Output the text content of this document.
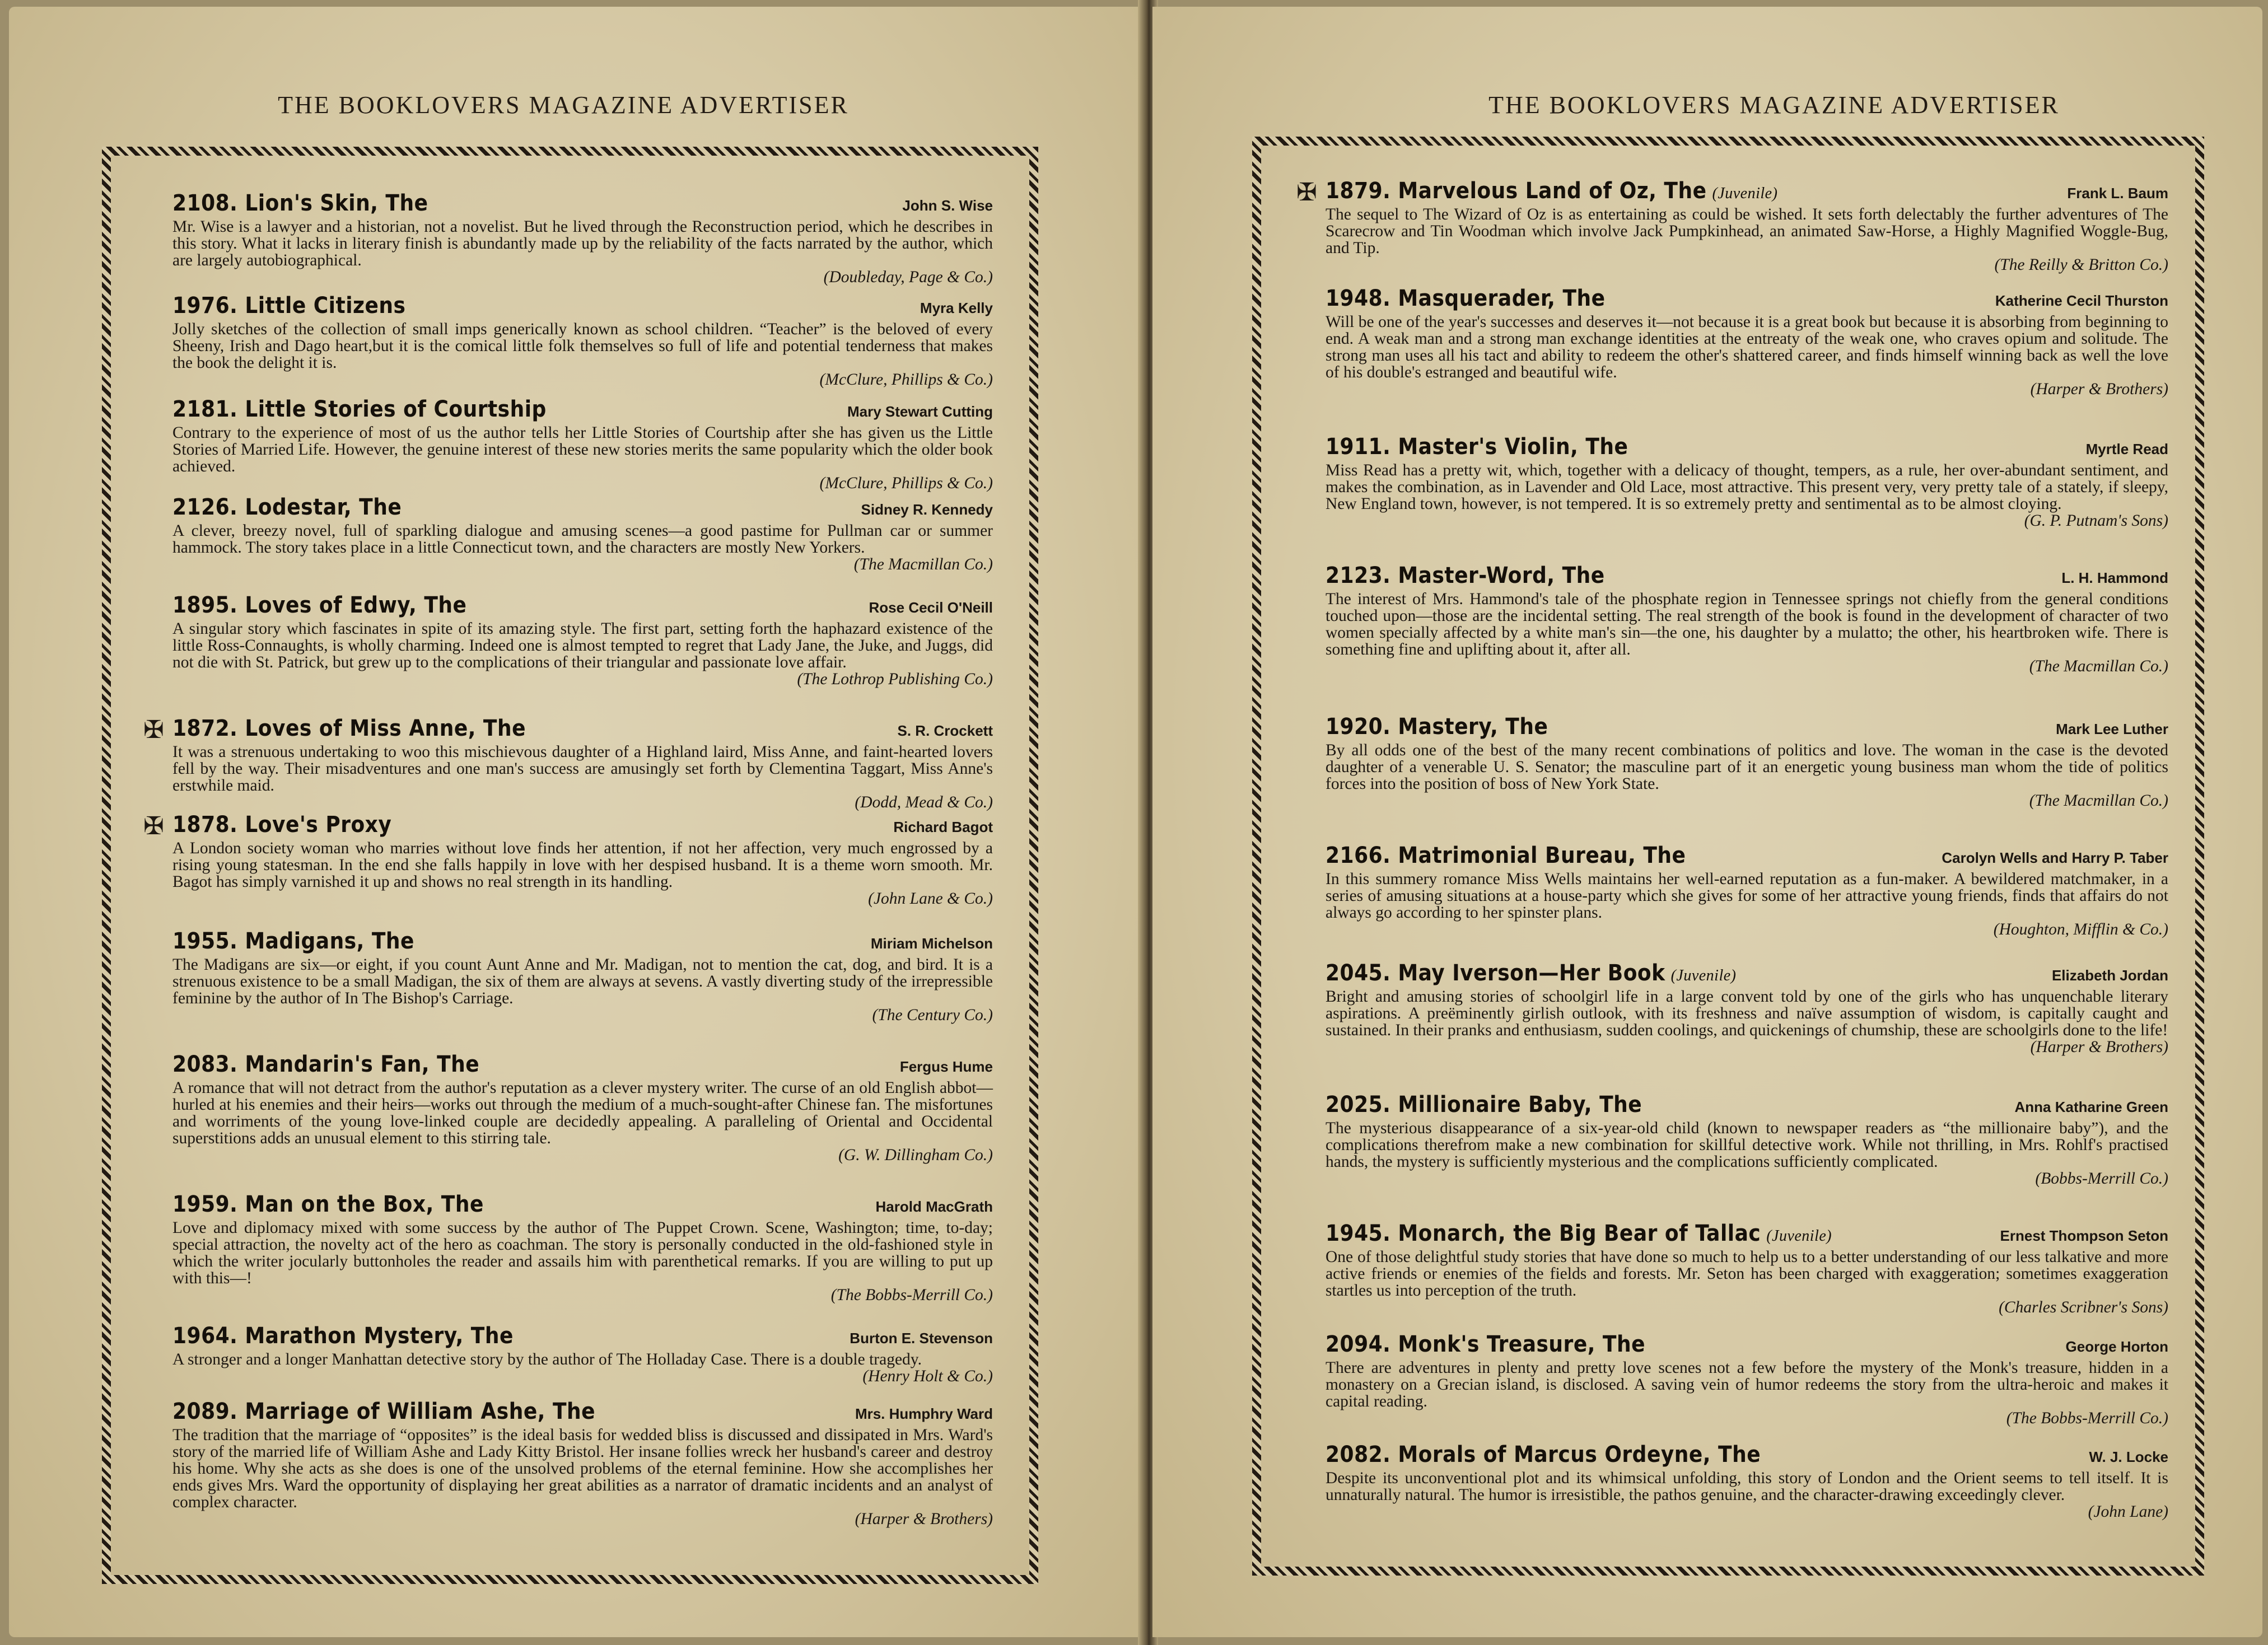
THE BOOKLOVERS MAGAZINE ADVERTISER
2108. Lion's Skin, The	John S. Wise
Mr. Wise is a lawyer and a historian, not a novelist. But he lived through the Reconstruction period, which he describes in this story. What it lacks in literary finish is abundantly made up by the reliability of the facts narrated by the author, which are largely autobiographical.
(Doubleday, Page & Co.)
1976. Little Citizens	Myra Kelly
Jolly sketches of the collection of small imps generically known as school children. “Teacher” is the beloved of every Sheeny, Irish and Dago heart,but it is the comical little folk themselves so full of life and potential tenderness that makes the book the delight it is.
(McClure, Phillips & Co.)
2181. Little Stories of Courtship	Mary Stewart Cutting
Contrary to the experience of most of us the author tells her Little Stories of Courtship after she has given us the Little Stories of Married Life. However, the genuine interest of these new stories merits the same popularity which the older book achieved.
(McClure, Phillips & Co.)
2126. Lodestar, The	Sidney R. Kennedy
A clever, breezy novel, full of sparkling dialogue and amusing scenes—a good pastime for Pullman car or summer hammock. The story takes place in a little Connecticut town, and the characters are mostly New Yorkers.
(The Macmillan Co.)
1895. Loves of Edwy, The	Rose Cecil O'Neill
A singular story which fascinates in spite of its amazing style. The first part, setting forth the haphazard existence of the little Ross-Connaughts, is wholly charming. Indeed one is almost tempted to regret that Lady Jane, the Juke, and Juggs, did not die with St. Patrick, but grew up to the complications of their triangular and passionate love affair.
(The Lothrop Publishing Co.)
✠ 1872. Loves of Miss Anne, The	S. R. Crockett
It was a strenuous undertaking to woo this mischievous daughter of a Highland laird, Miss Anne, and faint-hearted lovers fell by the way. Their misadventures and one man's success are amusingly set forth by Clementina Taggart, Miss Anne's erstwhile maid.
(Dodd, Mead & Co.)
✠ 1878. Love's Proxy	Richard Bagot
A London society woman who marries without love finds her attention, if not her affection, very much engrossed by a rising young statesman. In the end she falls happily in love with her despised husband. It is a theme worn smooth. Mr. Bagot has simply varnished it up and shows no real strength in its handling.
(John Lane & Co.)
1955. Madigans, The	Miriam Michelson
The Madigans are six—or eight, if you count Aunt Anne and Mr. Madigan, not to mention the cat, dog, and bird. It is a strenuous existence to be a small Madigan, the six of them are always at sevens. A vastly diverting study of the irrepressible feminine by the author of In The Bishop's Carriage.
(The Century Co.)
2083. Mandarin's Fan, The	Fergus Hume
A romance that will not detract from the author's reputation as a clever mystery writer. The curse of an old English abbot—hurled at his enemies and their heirs—works out through the medium of a much-sought-after Chinese fan. The misfortunes and worriments of the young love-linked couple are decidedly appealing. A paralleling of Oriental and Occidental superstitions adds an unusual element to this stirring tale.
(G. W. Dillingham Co.)
1959. Man on the Box, The	Harold MacGrath
Love and diplomacy mixed with some success by the author of The Puppet Crown. Scene, Washington; time, to-day; special attraction, the novelty act of the hero as coachman. The story is personally conducted in the old-fashioned style in which the writer jocularly buttonholes the reader and assails him with parenthetical remarks. If you are willing to put up with this—!
(The Bobbs-Merrill Co.)
1964. Marathon Mystery, The	Burton E. Stevenson
A stronger and a longer Manhattan detective story by the author of The Holladay Case. There is a double tragedy.
(Henry Holt & Co.)
2089. Marriage of William Ashe, The	Mrs. Humphry Ward
The tradition that the marriage of “opposites” is the ideal basis for wedded bliss is discussed and dissipated in Mrs. Ward's story of the married life of William Ashe and Lady Kitty Bristol. Her insane follies wreck her husband's career and destroy his home. Why she acts as she does is one of the unsolved problems of the eternal feminine. How she accomplishes her ends gives Mrs. Ward the opportunity of displaying her great abilities as a narrator of dramatic incidents and an analyst of complex character.
(Harper & Brothers)
THE BOOKLOVERS MAGAZINE ADVERTISER
✠ 1879. Marvelous Land of Oz, The (Juvenile)	Frank L. Baum
The sequel to The Wizard of Oz is as entertaining as could be wished. It sets forth delectably the further adventures of The Scarecrow and Tin Woodman which involve Jack Pumpkinhead, an animated Saw-Horse, a Highly Magnified Woggle-Bug, and Tip.
(The Reilly & Britton Co.)
1948. Masquerader, The	Katherine Cecil Thurston
Will be one of the year's successes and deserves it—not because it is a great book but because it is absorbing from beginning to end. A weak man and a strong man exchange identities at the entreaty of the weak one, who craves opium and solitude. The strong man uses all his tact and ability to redeem the other's shattered career, and finds himself winning back as well the love of his double's estranged and beautiful wife.
(Harper & Brothers)
1911. Master's Violin, The	Myrtle Read
Miss Read has a pretty wit, which, together with a delicacy of thought, tempers, as a rule, her over-abundant sentiment, and makes the combination, as in Lavender and Old Lace, most attractive. This present very, very pretty tale of a stately, if sleepy, New England town, however, is not tempered. It is so extremely pretty and sentimental as to be almost cloying.
(G. P. Putnam's Sons)
2123. Master-Word, The	L. H. Hammond
The interest of Mrs. Hammond's tale of the phosphate region in Tennessee springs not chiefly from the general conditions touched upon—those are the incidental setting. The real strength of the book is found in the development of character of two women specially affected by a white man's sin—the one, his daughter by a mulatto; the other, his heartbroken wife. There is something fine and uplifting about it, after all.
(The Macmillan Co.)
1920. Mastery, The	Mark Lee Luther
By all odds one of the best of the many recent combinations of politics and love. The woman in the case is the devoted daughter of a venerable U. S. Senator; the masculine part of it an energetic young business man whom the tide of politics forces into the position of boss of New York State.
(The Macmillan Co.)
2166. Matrimonial Bureau, The	Carolyn Wells and Harry P. Taber
In this summery romance Miss Wells maintains her well-earned reputation as a fun-maker. A bewildered matchmaker, in a series of amusing situations at a house-party which she gives for some of her attractive young friends, finds that affairs do not always go according to her spinster plans.
(Houghton, Mifflin & Co.)
2045. May Iverson—Her Book (Juvenile)	Elizabeth Jordan
Bright and amusing stories of schoolgirl life in a large convent told by one of the girls who has unquenchable literary aspirations. A preëminently girlish outlook, with its freshness and naïve assumption of wisdom, is capitally caught and sustained. In their pranks and enthusiasm, sudden coolings, and quickenings of chumship, these are schoolgirls done to the life!
(Harper & Brothers)
2025. Millionaire Baby, The	Anna Katharine Green
The mysterious disappearance of a six-year-old child (known to newspaper readers as “the millionaire baby”), and the complications therefrom make a new combination for skillful detective work. While not thrilling, in Mrs. Rohlf's practised hands, the mystery is sufficiently mysterious and the complications sufficiently complicated.
(Bobbs-Merrill Co.)
1945. Monarch, the Big Bear of Tallac (Juvenile)	Ernest Thompson Seton
One of those delightful study stories that have done so much to help us to a better understanding of our less talkative and more active friends or enemies of the fields and forests. Mr. Seton has been charged with exaggeration; sometimes exaggeration startles us into perception of the truth.
(Charles Scribner's Sons)
2094. Monk's Treasure, The	George Horton
There are adventures in plenty and pretty love scenes not a few before the mystery of the Monk's treasure, hidden in a monastery on a Grecian island, is disclosed. A saving vein of humor redeems the story from the ultra-heroic and makes it capital reading.
(The Bobbs-Merrill Co.)
2082. Morals of Marcus Ordeyne, The	W. J. Locke
Despite its unconventional plot and its whimsical unfolding, this story of London and the Orient seems to tell itself. It is unnaturally natural. The humor is irresistible, the pathos genuine, and the character-drawing exceedingly clever.
(John Lane)
